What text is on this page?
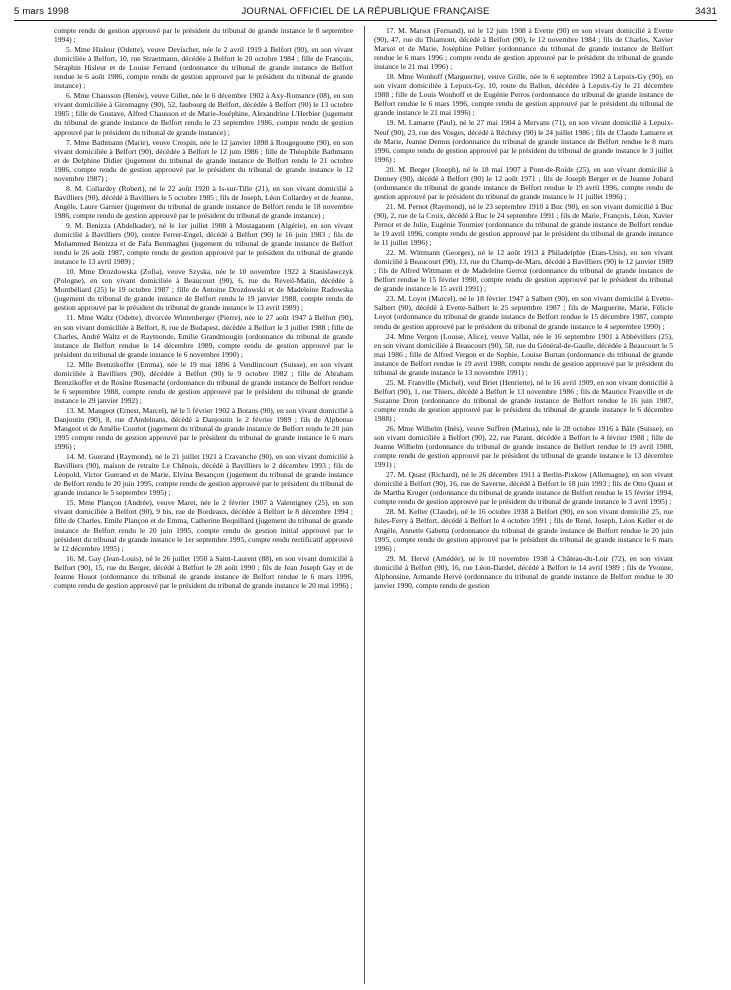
JOURNAL OFFICIEL DE LA RÉPUBLIQUE FRANÇAISE
5 mars 1998	3431

compte rendu de gestion approuvé par le président du tribunal de grande instance le 8 septembre 1994) ;

5. Mme Hisleur (Odette), veuve Devischer, née le 2 avril 1919 à Belfort (90), en son vivant domiciliée à Belfort, 10, rue Straetmann, décédée à Belfort le 20 octobre 1984 ; fille de François, Séraphin Hisleur et de Louise Ferrand (ordonnance du tribunal de grande instance de Belfort rendue le 6 août 1986, compte rendu de gestion approuvé par le président du tribunal de grande instance) ;

6. Mme Chausson (Renée), veuve Gillet, née le 6 décembre 1902 à Axy-Romance (08), en son vivant domiciliée à Giromagny (90), 52, faubourg de Belfort, décédée à Belfort (90) le 13 octobre 1985 ; fille de Gustave, Alfred Chausson et de Marie-Joséphine, Alexandrine L'Herbier (jugement du tribunal de grande instance de Belfort rendu le 23 septembre 1986, compte rendu de gestion approuvé par le président du tribunal de grande instance) ;

7. Mme Bathmann (Marie), veuve Crespin, née le 12 janvier 1898 à Rougegoutte (90), en son vivant domiciliée à Belfort (90), décédée à Belfort le 12 juin 1986 ; fille de Théophile Bathmann et de Delphine Didier (jugement du tribunal de grande instance de Belfort rendu le 21 octobre 1986, compte rendu de gestion approuvé par le président du tribunal de grande instance le 12 novembre 1987) ;

8. M. Collardey (Robert), né le 22 août 1920 à Is-sur-Tille (21), en son vivant domicilié à Bavilliers (90), décédé à Bavilliers le 5 octobre 1985 ; fils de Joseph, Léon Collardey et de Jeanne, Angèle, Laure Garnier (jugement du tribunal de grande instance de Belfort rendu le 18 novembre 1986, compte rendu de gestion approuvé par le président du tribunal de grande instance) ;

9. M. Benizza (Abdelkader), né le 1er juillet 1908 à Mostaganem (Algérie), en son vivant domicilié à Bavilliers (90), centre Ferrer-Engel, décédé à Belfort (90) le 16 juin 1983 ; fils de Mohammed Benizza et de Fafa Benmaghni (jugement du tribunal de grande instance de Belfort rendu le 26 août 1987, compte rendu de gestion approuvé par le président du tribunal de grande instance le 13 avril 1989) ;

10. Mme Drozdowska (Zofia), veuve Szyska, née le 10 novembre 1922 à Stanislawczyk (Pologne), en son vivant domiciliée à Beaucourt (90), 6, rue du Reveil-Matin, décédée à Montbéliard (25) le 19 octobre 1987 ; fille de Antoine Drozdowski et de Madeleine Radowska (jugement du tribunal de grande instance de Belfort rendu le 19 janvier 1988, compte rendu de gestion approuvé par le président du tribunal de grande instance le 13 avril 1989) ;

11. Mme Waltz (Odette), divorcée Wintenberger (Pierre), née le 27 août 1947 à Belfort (90), en son vivant domiciliée à Belfort, 8, rue de Budapest, décédée à Belfort le 3 juillet 1988 ; fille de Charles, André Waltz et de Raymonde, Emilie Grandmougin (ordonnance du tribunal de grande instance de Belfort rendue le 14 décembre 1989, compte rendu de gestion approuvé par le président du tribunal de grande instance le 6 novembre 1990) ;

12. Mlle Brenzikoffer (Emma), née le 19 mai 1896 à Vendlincourt (Suisse), en son vivant domiciliée à Bavilliers (90), décédée à Belfort (90) le 9 octobre 1982 ; fille de Abraham Brenzikoffer et de Rosine Rusenacht (ordonnance du tribunal de grande instance de Belfort rendue le 6 septembre 1988, compte rendu de gestion approuvé par le président du tribunal de grande instance le 29 janvier 1992) ;

13. M. Mangeot (Ernest, Marcel), né le 5 février 1902 à Botans (90), en son vivant domicilié à Danjoutin (90), 8, rue d'Andelnans, décédé à Danjoutin le 2 février 1989 ; fils de Alphonse Mangeot et de Amélie Courtot (jugement du tribunal de grande instance de Belfort rendu le 20 juin 1995 compte rendu de gestion approuvé par le président du tribunal de grande instance le 6 mars 1996) ;

14. M. Guerand (Raymond), né le 21 juillet 1921 à Cravanche (90), en son vivant domicilié à Bavilliers (90), maison de retraite Le Chênois, décédé à Bavilliers le 2 décembre 1993 ; fils de Léopold, Victor Guerand et de Marie, Elvina Besançon (jugement du tribunal de grande instance de Belfort rendu le 20 juin 1995, compte rendu de gestion approuvé par le président du tribunal de grande instance le 5 septembre 1995) ;

15. Mme Plançon (Andrée), veuve Maret, née le 2 février 1907 à Valentigney (25), en son vivant domiciliée à Belfort (90), 9 bis, rue de Bordeaux, décédée à Belfort le 8 décembre 1994 ; fille de Charles, Emile Plançon et de Emma, Catherine Bequillard (jugement du tribunal de grande instance de Belfort rendu le 20 juin 1995, compte rendu de gestion initial approuvé par le président du tribunal de grande instance le 1er septembre 1995, compte rendu rectificatif approuvé le 12 décembre 1995) ;

16. M. Gay (Jean-Louis), né le 26 juillet 1950 à Saint-Laurent (88), en son vivant domicilié à Belfort (90), 15, rue du Berger, décédé à Belfort le 28 août 1990 ; fils de Jean Joseph Gay et de Jeanne Houot (ordonnance du tribunal de grande instance de Belfort rendue le 6 mars 1996, compte rendu de gestion approuvé par le président du tribunal de grande instance le 20 mai 1996) ;

17. M. Marsot (Fernand), né le 12 juin 1908 à Evette (90) en son vivant domicilié à Evette (90), 47, rue du Thiamont, décédé à Belfort (90), le 12 novembre 1984 ; fils de Charles, Xavier Marsot et de Marie, Joséphine Peltier (ordonnance du tribunal de grande instance de Belfort rendue le 6 mars 1996 ; compte rendu de gestion approuvé par le président du tribunal de grande instance le 21 mai 1996) ;

18. Mme Wonhoff (Marguerite), veuve Grille, née le 6 septembre 1902 à Lepuix-Gy (90), en son vivant domiciliée à Lepuix-Gy, 10, route du Ballon, décédée à Lepuix-Gy le 21 décembre 1988 ; fille de Louis Wonhoff et de Eugénie Perros (ordonnance du tribunal de grande instance de Belfort rendue le 6 mars 1996, compte rendu de gestion approuvé par le président du tribunal de grande instance le 21 mai 1996) ;

19. M. Lamarre (Paul), né le 27 mai 1904 à Mervans (71), en son vivant domicilié à Lepuix-Neuf (90), 23, rue des Vosges, décédé à Réchésy (90) le 24 juillet 1986 ; fils de Claude Lamarre et de Marie, Jeanne Demus (ordonnance du tribunal de grande instance de Belfort rendue le 8 mars 1996, compte rendu de gestion approuvé par le président du tribunal de grande instance le 3 juillet 1996) ;

20. M. Berger (Joseph), né le 18 mai 1907 à Pont-de-Roide (25), en son vivant domicilié à Denney (90), décédé à Belfort (90) le 12 août 1971 ; fils de Joseph Berger et de Jeanne Jobard (ordonnance du tribunal de grande instance de Belfort rendue le 19 avril 1996, compte rendu de gestion approuvé par le président du tribunal de grande instance le 11 juillet 1996) ;

21. M. Pernot (Raymond), né le 23 septembre 1910 à Buc (90), en son vivant domicilié à Buc (90), 2, rue de la Croix, décédé à Buc le 24 septembre 1991 ; fils de Marie, François, Léon, Xavier Pernot et de Julie, Eugénie Tournier (ordonnance du tribunal de grande instance de Belfort rendue le 19 avril 1996, compte rendu de gestion approuvé par le président du tribunal de grande instance le 11 juillet 1996) ;

22. M. Wittmann (Georges), né le 12 août 1913 à Philadelphie (Etats-Unis), en son vivant domicilié à Beaucourt (90), 13, rue du Champ-de-Mars, décédé à Bavilliers (90) le 12 janvier 1989 ; fils de Alfred Wittmann et de Madeleine Gerroz (ordonnance du tribunal de grande instance de Belfort rendue le 15 février 1990, compte rendu de gestion approuvé par le président du tribunal de grande instance le 15 avril 1991) ;

23. M. Loyot (Marcel), né le 18 février 1947 à Salbert (90), en son vivant domicilié à Evette-Salbert (90), décédé à Evette-Salbert le 25 septembre 1987 ; fils de Marguerite, Marie, Félicie Loyot (ordonnance du tribunal de grande instance de Belfort rendue le 15 décembre 1987, compte rendu de gestion approuvé par le président du tribunal de grande instance le 4 septembre 1990) ;

24. Mme Vergon (Louise, Alice), veuve Vallat, née le 16 septembre 1901 à Abbévillers (25), en son vivant domiciliée à Beaucourt (90), 58, rue du Général-de-Gaulle, décédée à Beaucourt le 5 mai 1986 ; fille de Alfred Vergon et de Sophie, Louise Burtan (ordonnance du tribunal de grande instance de Belfort rendue le 19 avril 1988, compte rendu de gestion approuvé par le président du tribunal de grande instance le 13 novembre 1991) ;

25. M. Franville (Michel), veuf Briet (Henriette), né le 16 avril 1909, en son vivant domicilié à Belfort (90), 1, rue Thiers, décédé à Belfort le 13 novembre 1986 ; fils de Maurice Franville et de Suzanne Dron (ordonnance du tribunal de grande instance de Belfort rendue le 16 juin 1987, compte rendu de gestion approuvé par le président du tribunal de grande instance le 6 décembre 1988) ;

26. Mme Wilhelm (Inès), veuve Suffren (Marius), née le 28 octobre 1916 à Bâle (Suisse), en son vivant domiciliée à Belfort (90), 22, rue Parant, décédée à Belfort le 4 février 1988 ; fille de Jeanne Wilhelm (ordonnance du tribunal de grande instance de Belfort rendue le 19 avril 1988, compte rendu de gestion approuvé par le président du tribunal de grande instance le 13 décembre 1991) ;

27. M. Quast (Richard), né le 26 décembre 1911 à Berlin-Pixkow (Allemagne), en son vivant domicilié à Belfort (90), 16, rue de Saverne, décédé à Belfort le 18 juin 1993 ; fils de Otto Quast et de Martha Kruger (ordonnance du tribunal de grande instance de Belfort rendue le 15 février 1994, compte rendu de gestion approuvé par le président du tribunal de grande instance le 3 avril 1995) ;

28. M. Keller (Claude), né le 16 octobre 1938 à Belfort (90), en son vivant domicilié 25, rue Jules-Ferry à Belfort, décédé à Belfort le 4 octobre 1991 ; fils de René, Joseph, Léon Keller et de Angèle, Annette Gabetta (ordonnance du tribunal de grande instance de Belfort rendue le 20 juin 1995, compte rendu de gestion approuvé par le président du tribunal de grande instance le 6 mars 1996) ;

29. M. Hervé (Amédée), né le 10 novembre 1938 à Château-du-Loir (72), en son vivant domicilié à Belfort (90), 16, rue Léon-Dardel, décédé à Belfort le 14 avril 1989 ; fils de Yvonne, Alphonsine, Armande Hervé (ordonnance du tribunal de grande instance de Belfort rendue le 30 janvier 1990, compte rendu de gestion
